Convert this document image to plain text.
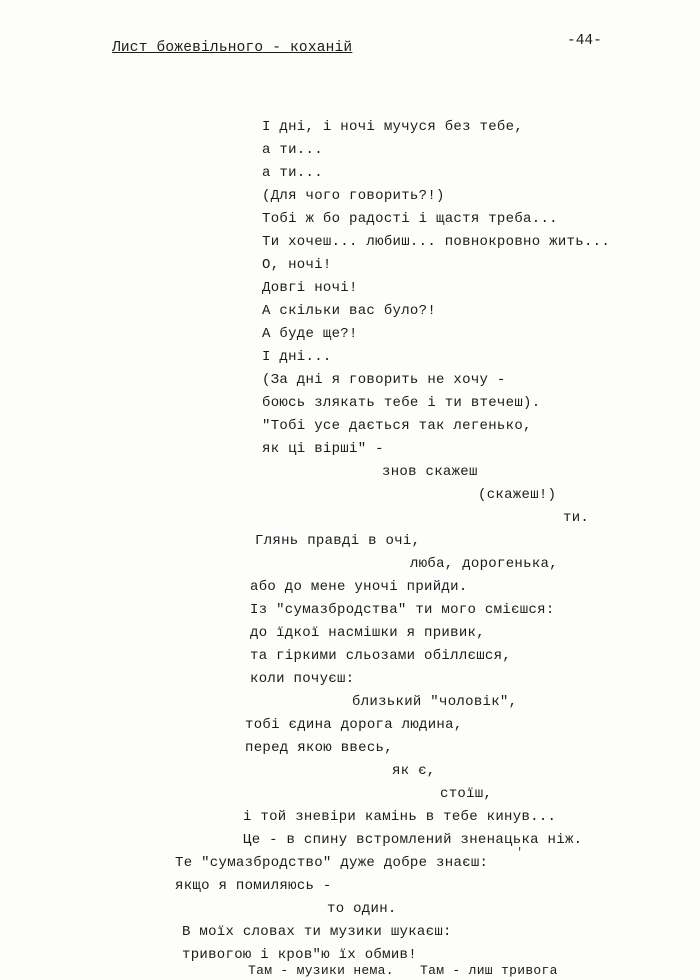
Лист божевільного - коханій	-44-
І дні, і ночі мучуся без тебе,
а ти...
а ти...
(Для чого говорить?!)
Тобі ж бо радості і щастя треба...
Ти хочеш... любиш... повнокровно жить...
О, ночі!
Довгі ночі!
А скільки вас було?!
А буде ще?!
І дні...
(За дні я говорить не хочу -
боюсь злякать тебе і ти втечеш).
"Тобі усе дається так легенько,
як ці вірші" -
знов скажеш
(скажеш!)
ти.
Глянь правді в очі,
люба, дорогенька,
або до мене уночі прийди.
Із "сумазбродства" ти мого смієшся:
до їдкої насмішки я привик,
та гіркими сльозами обіллєшся,
коли почуєш:
близький "чоловік",
тобі єдина дорога людина,
перед якою ввесь,
як є,
стоїш,
і той зневіри камінь в тебе кинув...
Це - в спину встромлений зненацька ніж.
Те "сумазбродство" дуже добре знаєш:
якщо я помиляюсь -
то один.
В моїх словах ти музики шукаєш:
тривогою і кров"ю їх обмив!
Там - музики нема. Там - лиш тривога
'
